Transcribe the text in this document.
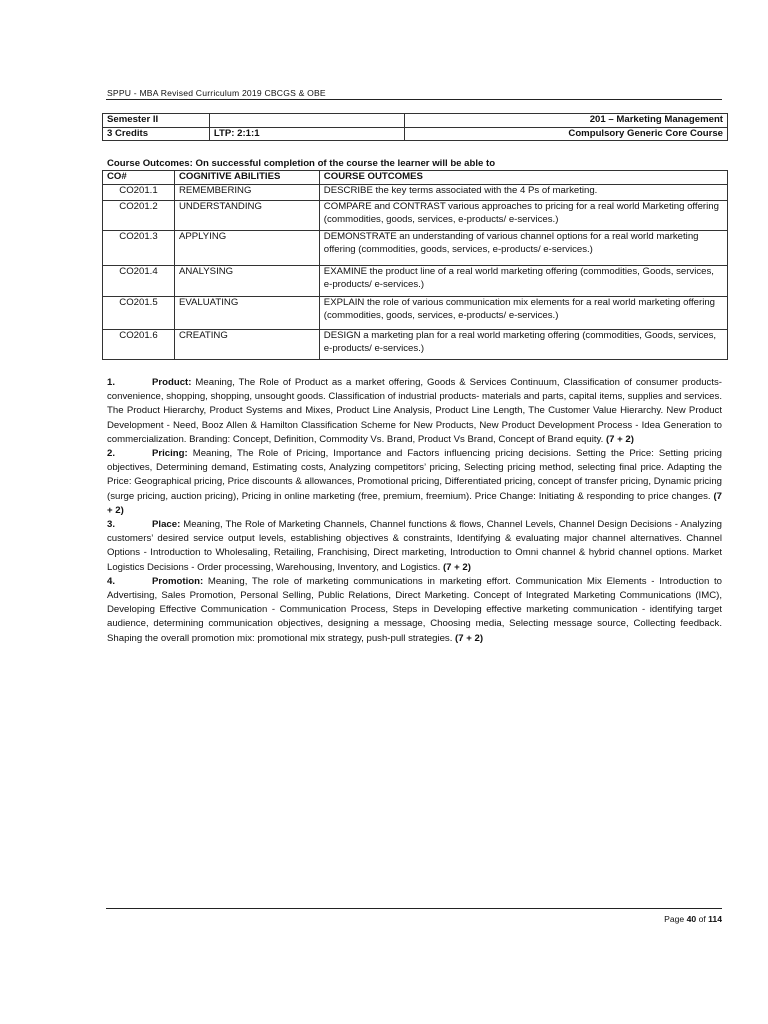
SPPU - MBA Revised Curriculum 2019 CBCGS & OBE
Semester II		201 – Marketing Management
3 Credits	LTP: 2:1:1	Compulsory Generic Core Course
Course Outcomes: On successful completion of the course the learner will be able to
CO#	COGNITIVE ABILITIES	COURSE OUTCOMES
CO201.1	REMEMBERING	DESCRIBE the key terms associated with the 4 Ps of marketing.
CO201.2	UNDERSTANDING	COMPARE and CONTRAST various approaches to pricing for a real world Marketing offering (commodities, goods, services, e-products/ e-services.)
CO201.3	APPLYING	DEMONSTRATE an understanding of various channel options for a real world marketing offering (commodities, goods, services, e-products/ e-services.)
CO201.4	ANALYSING	EXAMINE the product line of a real world marketing offering (commodities, Goods, services, e-products/ e-services.)
CO201.5	EVALUATING	EXPLAIN the role of various communication mix elements for a real world marketing offering (commodities, goods, services, e-products/ e-services.)
CO201.6	CREATING	DESIGN a marketing plan for a real world marketing offering (commodities, Goods, services, e-products/ e-services.)

1.	Product: Meaning, The Role of Product as a market offering, Goods & Services Continuum, Classification of consumer products- convenience, shopping, shopping, unsought goods. Classification of industrial products- materials and parts, capital items, supplies and services. The Product Hierarchy, Product Systems and Mixes, Product Line Analysis, Product Line Length, The Customer Value Hierarchy. New Product Development - Need, Booz Allen & Hamilton Classification Scheme for New Products, New Product Development Process - Idea Generation to commercialization. Branding: Concept, Definition, Commodity Vs. Brand, Product Vs Brand, Concept of Brand equity. (7 + 2)

2.	Pricing: Meaning, The Role of Pricing, Importance and Factors influencing pricing decisions. Setting the Price: Setting pricing objectives, Determining demand, Estimating costs, Analyzing competitors’ pricing, Selecting pricing method, selecting final price. Adapting the Price: Geographical pricing, Price discounts & allowances, Promotional pricing, Differentiated pricing, concept of transfer pricing, Dynamic pricing (surge pricing, auction pricing), Pricing in online marketing (free, premium, freemium). Price Change: Initiating & responding to price changes. (7 + 2)

3.	Place: Meaning, The Role of Marketing Channels, Channel functions & flows, Channel Levels, Channel Design Decisions - Analyzing customers’ desired service output levels, establishing objectives & constraints, Identifying & evaluating major channel alternatives. Channel Options - Introduction to Wholesaling, Retailing, Franchising, Direct marketing, Introduction to Omni channel & hybrid channel options. Market Logistics Decisions - Order processing, Warehousing, Inventory, and Logistics. (7 + 2)

4.	Promotion: Meaning, The role of marketing communications in marketing effort. Communication Mix Elements - Introduction to Advertising, Sales Promotion, Personal Selling, Public Relations, Direct Marketing. Concept of Integrated Marketing Communications (IMC), Developing Effective Communication - Communication Process, Steps in Developing effective marketing communication - identifying target audience, determining communication objectives, designing a message, Choosing media, Selecting message source, Collecting feedback. Shaping the overall promotion mix: promotional mix strategy, push-pull strategies. (7 + 2)

Page 40 of 114
